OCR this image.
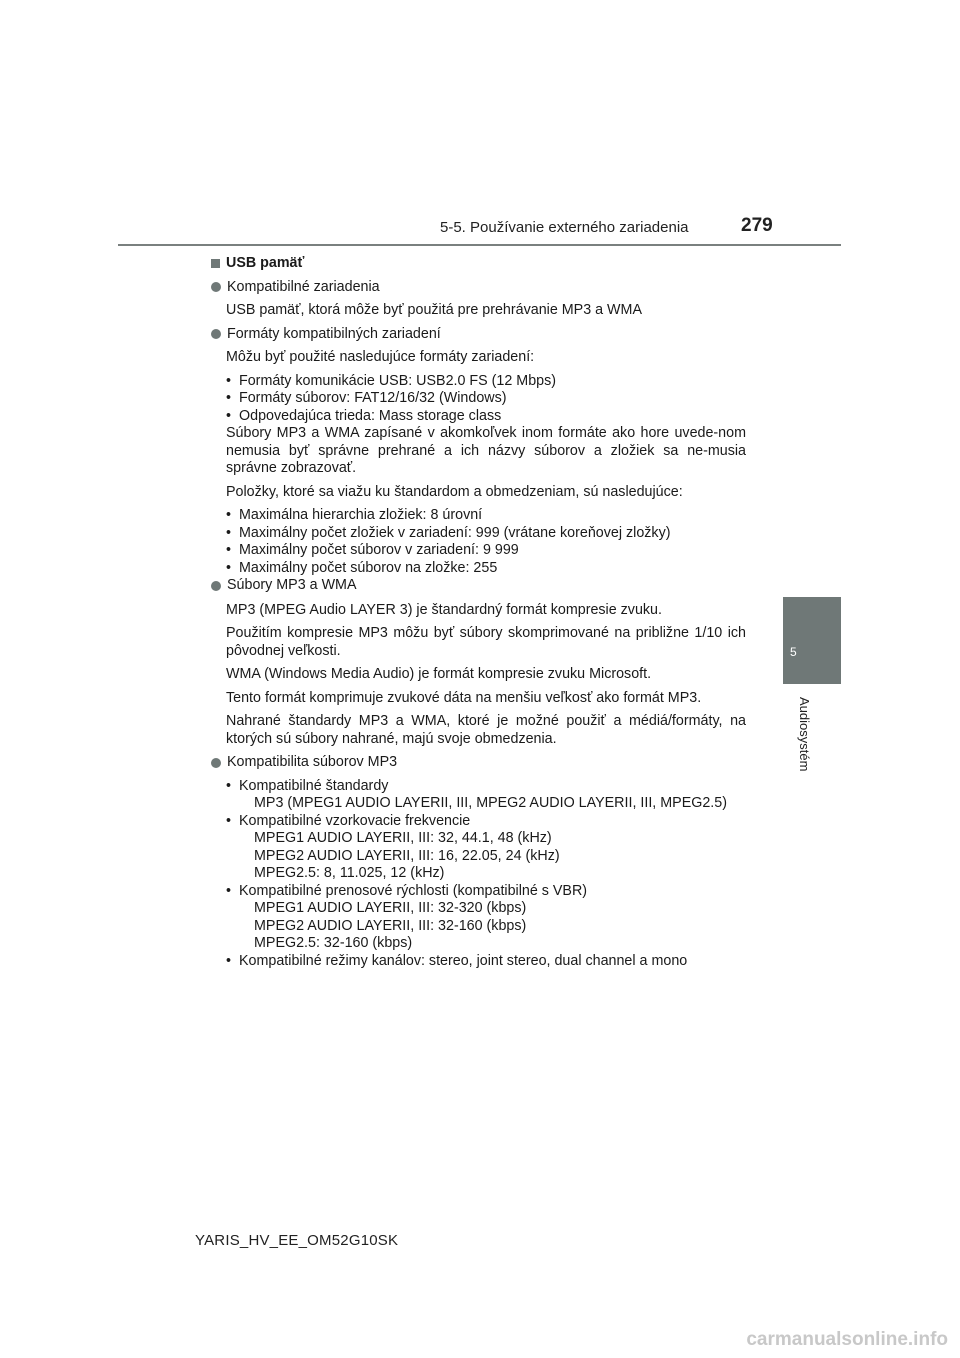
5-5. Používanie externého zariadenia	279
5
Audiosystém
USB pamäť
Kompatibilné zariadenia
USB pamäť, ktorá môže byť použitá pre prehrávanie MP3 a WMA
Formáty kompatibilných zariadení
Môžu byť použité nasledujúce formáty zariadení:
• Formáty komunikácie USB: USB2.0 FS (12 Mbps)
• Formáty súborov: FAT12/16/32 (Windows)
• Odpovedajúca trieda: Mass storage class
Súbory MP3 a WMA zapísané v akomkoľvek inom formáte ako hore uvede-nom nemusia byť správne prehrané a ich názvy súborov a zložiek sa ne-musia správne zobrazovať.
Položky, ktoré sa viažu ku štandardom a obmedzeniam, sú nasledujúce:
• Maximálna hierarchia zložiek: 8 úrovní
• Maximálny počet zložiek v zariadení: 999 (vrátane koreňovej zložky)
• Maximálny počet súborov v zariadení: 9 999
• Maximálny počet súborov na zložke: 255
Súbory MP3 a WMA
MP3 (MPEG Audio LAYER 3) je štandardný formát kompresie zvuku.
Použitím kompresie MP3 môžu byť súbory skomprimované na približne 1/10 ich pôvodnej veľkosti.
WMA (Windows Media Audio) je formát kompresie zvuku Microsoft.
Tento formát komprimuje zvukové dáta na menšiu veľkosť ako formát MP3.
Nahrané štandardy MP3 a WMA, ktoré je možné použiť a médiá/formáty, na ktorých sú súbory nahrané, majú svoje obmedzenia.
Kompatibilita súborov MP3
• Kompatibilné štandardy
MP3 (MPEG1 AUDIO LAYERII, III, MPEG2 AUDIO LAYERII, III, MPEG2.5)
• Kompatibilné vzorkovacie frekvencie
MPEG1 AUDIO LAYERII, III: 32, 44.1, 48 (kHz)
MPEG2 AUDIO LAYERII, III: 16, 22.05, 24 (kHz)
MPEG2.5: 8, 11.025, 12 (kHz)
• Kompatibilné prenosové rýchlosti (kompatibilné s VBR)
MPEG1 AUDIO LAYERII, III: 32-320 (kbps)
MPEG2 AUDIO LAYERII, III: 32-160 (kbps)
MPEG2.5: 32-160 (kbps)
• Kompatibilné režimy kanálov: stereo, joint stereo, dual channel a mono
YARIS_HV_EE_OM52G10SK
carmanualsonline.info
